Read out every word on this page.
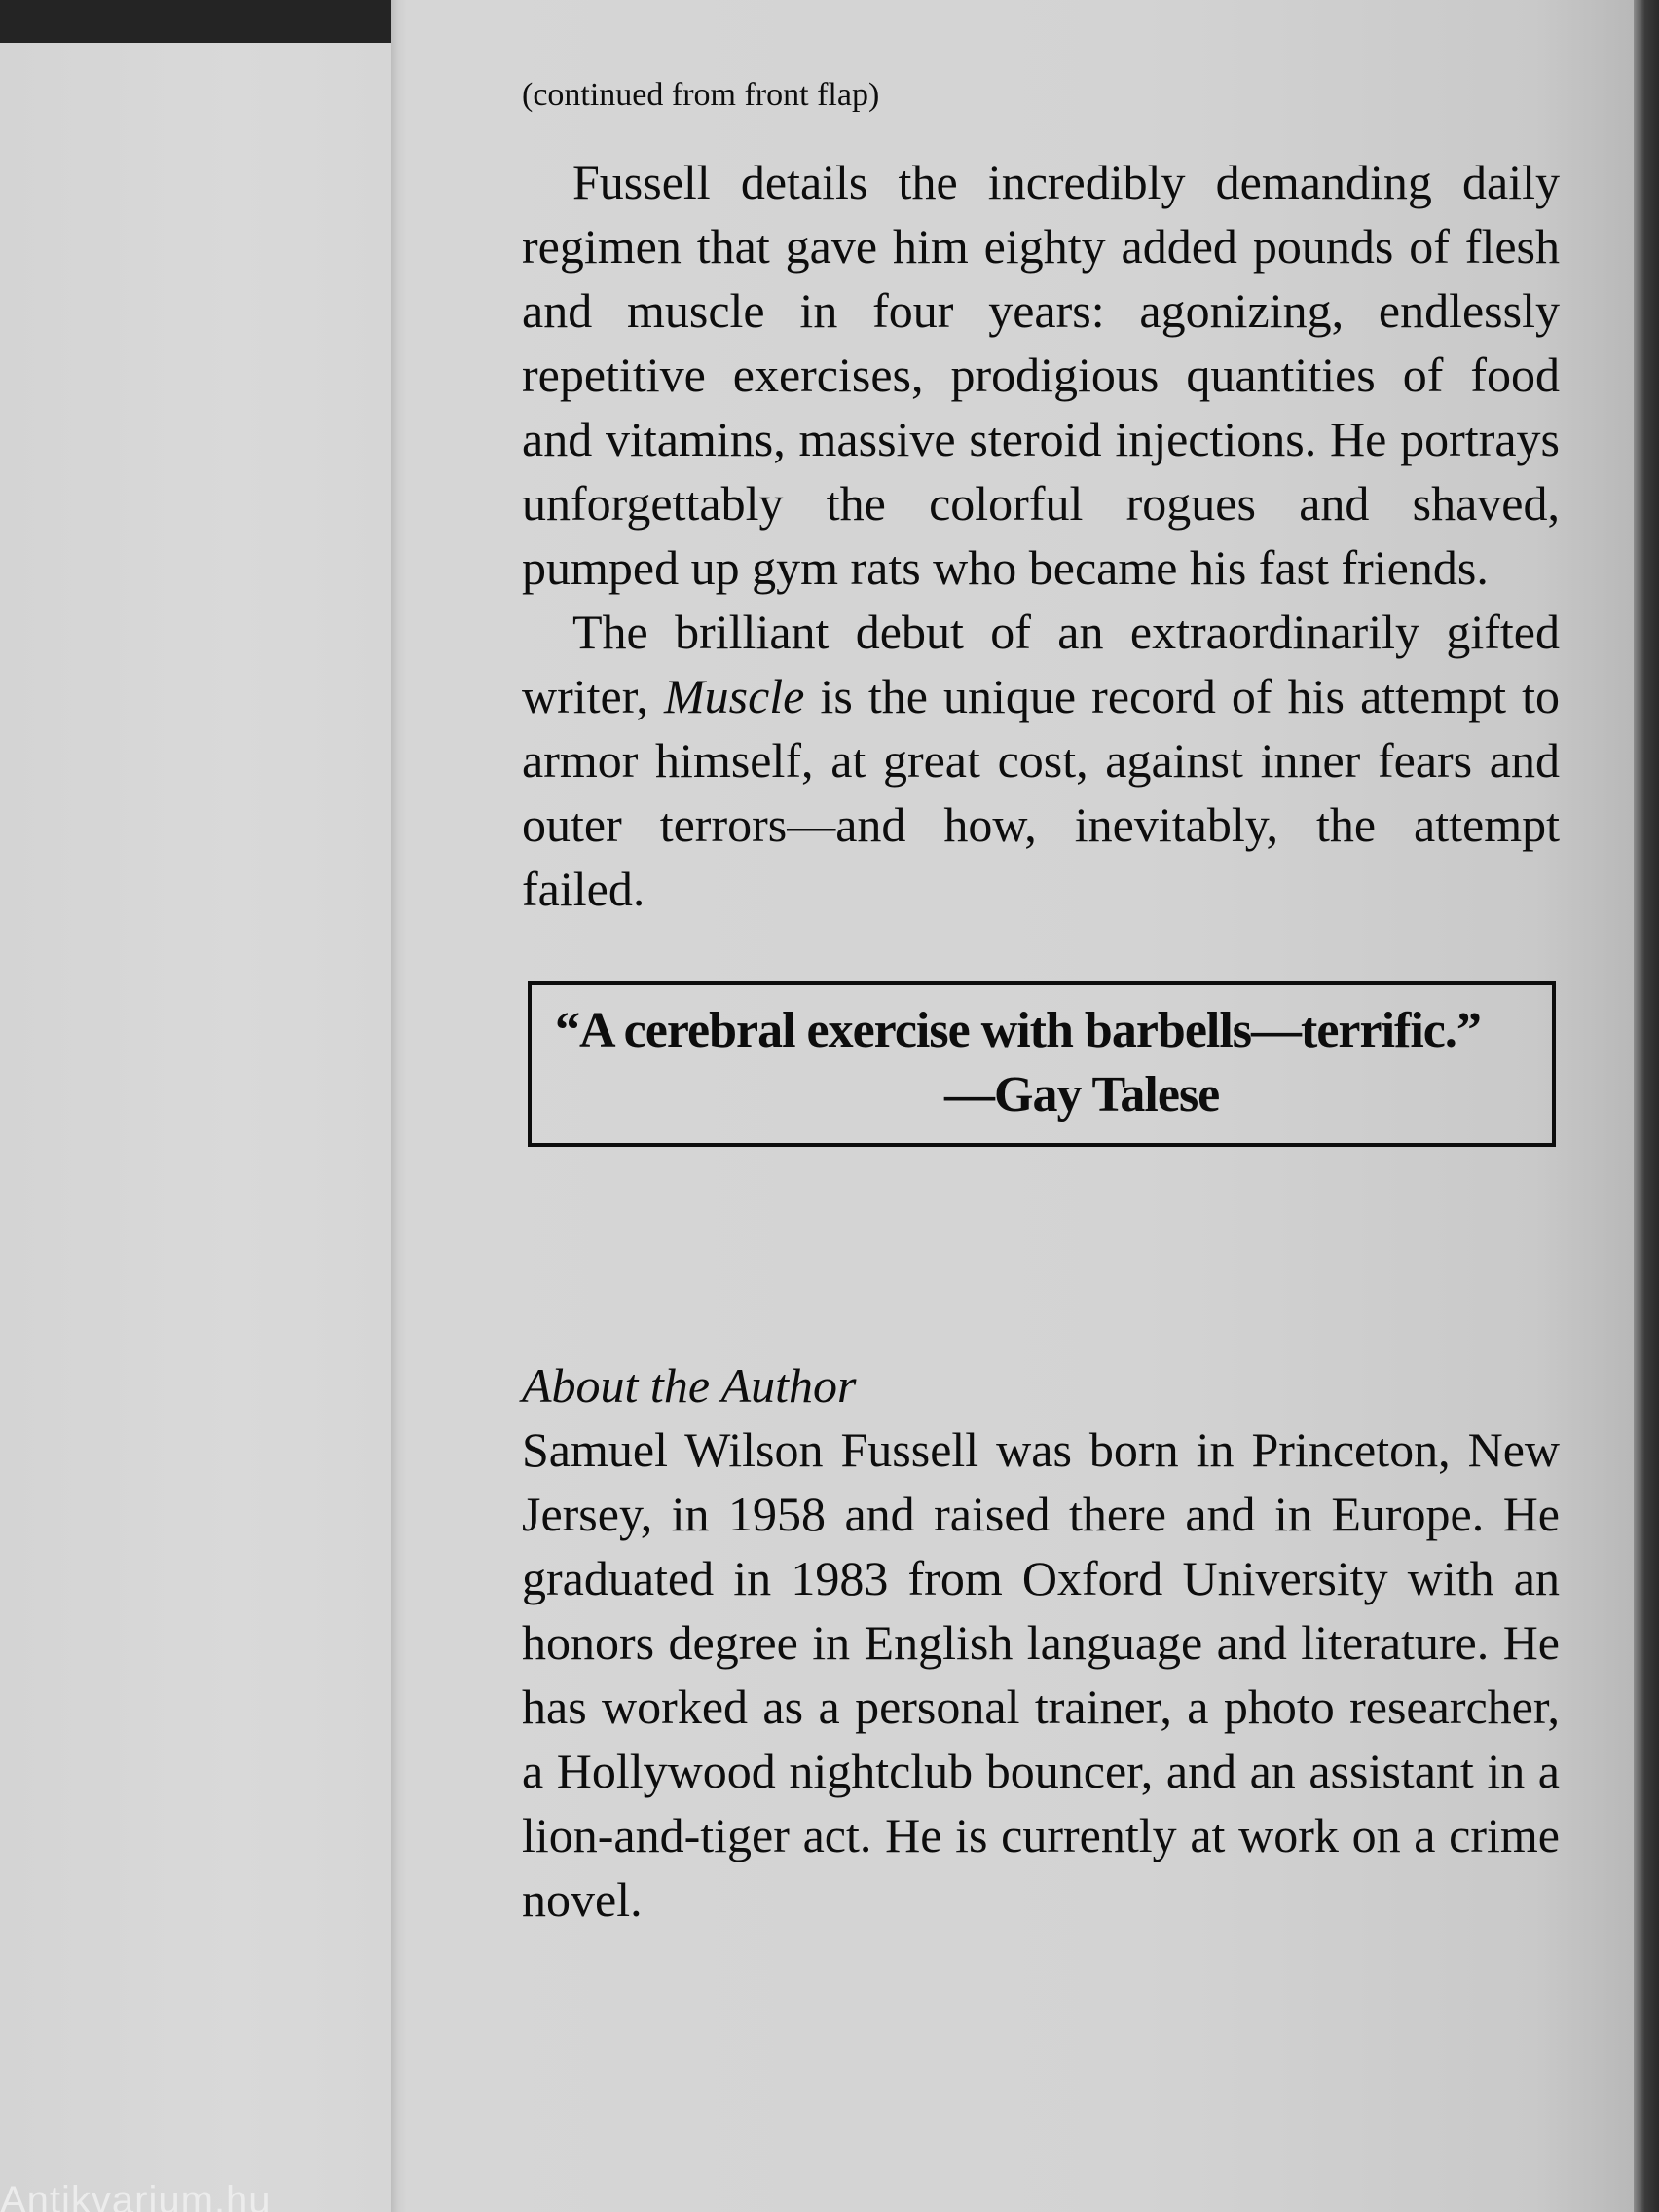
Antikvarium.hu

(continued from front flap)

Fussell details the incredibly demanding daily regimen that gave him eighty added pounds of flesh and muscle in four years: agonizing, endlessly repetitive exercises, prodigious quantities of food and vitamins, massive steroid injections. He portrays unforgettably the colorful rogues and shaved, pumped up gym rats who became his fast friends.

The brilliant debut of an extraordinarily gifted writer, Muscle is the unique record of his attempt to armor himself, at great cost, against inner fears and outer terrors—and how, inevitably, the attempt failed.

“A cerebral exercise with barbells—terrific.”
—Gay Talese
About the Author

Samuel Wilson Fussell was born in Princeton, New Jersey, in 1958 and raised there and in Europe. He graduated in 1983 from Oxford University with an honors degree in English language and literature. He has worked as a personal trainer, a photo researcher, a Hollywood nightclub bouncer, and an assistant in a lion-and-tiger act. He is currently at work on a crime novel.
